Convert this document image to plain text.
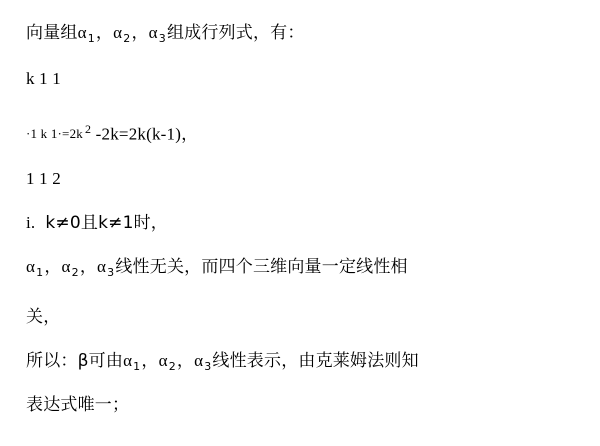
向量组$\alpha_1$，$\alpha_2$，$\alpha_3$组成行列式，有：
k 1 1
·1 k 1·=2k $^2$ -2k=2k(k-1)，
1 1 2
i. k≠0且k≠1时，
$\alpha_1$，$\alpha_2$，$\alpha_3$线性无关，而四个三维向量一定线性相
关，
所以：β可由$\alpha_1$，$\alpha_2$，$\alpha_3$线性表示，由克莱姆法则知
表达式唯一；
